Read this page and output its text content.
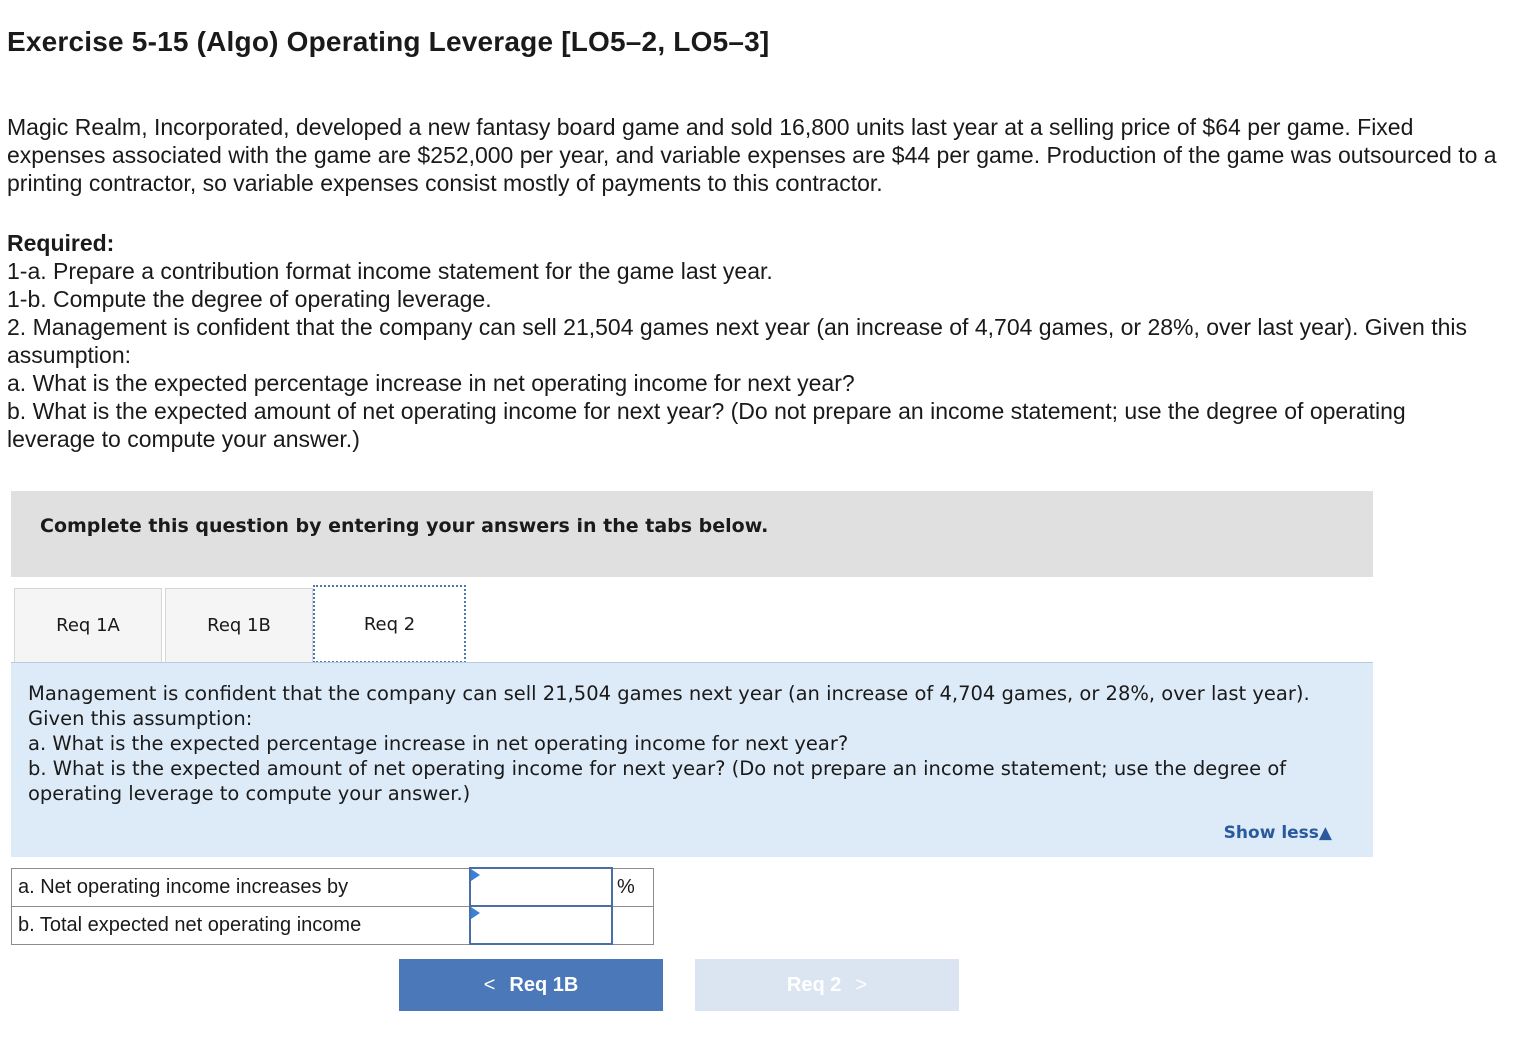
Exercise 5-15 (Algo) Operating Leverage [LO5–2, LO5–3]

Magic Realm, Incorporated, developed a new fantasy board game and sold 16,800 units last year at a selling price of $64 per game. Fixed expenses associated with the game are $252,000 per year, and variable expenses are $44 per game. Production of the game was outsourced to a printing contractor, so variable expenses consist mostly of payments to this contractor.

Required:
1-a. Prepare a contribution format income statement for the game last year.
1-b. Compute the degree of operating leverage.
2. Management is confident that the company can sell 21,504 games next year (an increase of 4,704 games, or 28%, over last year). Given this assumption:
a. What is the expected percentage increase in net operating income for next year?
b. What is the expected amount of net operating income for next year? (Do not prepare an income statement; use the degree of operating leverage to compute your answer.)
Complete this question by entering your answers in the tabs below.
Req 1A	Req 1B	Req 2
Management is confident that the company can sell 21,504 games next year (an increase of 4,704 games, or 28%, over last year). Given this assumption:
a. What is the expected percentage increase in net operating income for next year?
b. What is the expected amount of net operating income for next year? (Do not prepare an income statement; use the degree of operating leverage to compute your answer.)
Show less▲
a. Net operating income increases by		%
b. Total expected net operating income	

< Req 1B	Req 2 >
